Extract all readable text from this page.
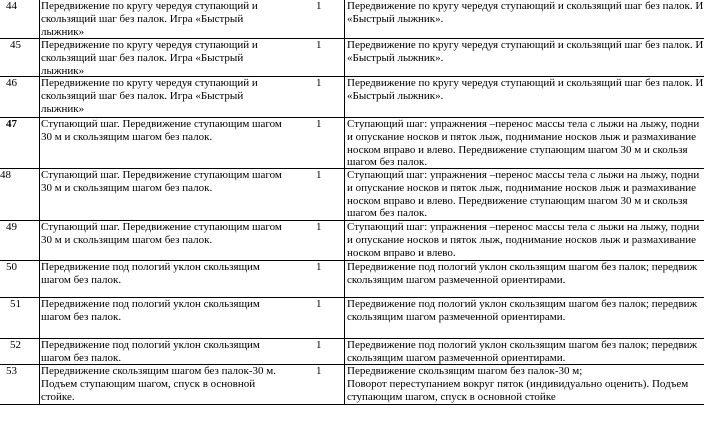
44 Передвижение по кругу чередуя ступающий и
скользящий шаг без палок. Игра «Быстрый
лыжник»
1 Передвижение по кругу чередуя ступающий и скользящий шаг без палок. И
«Быстрый лыжник».
45 Передвижение по кругу чередуя ступающий и
скользящий шаг без палок. Игра «Быстрый
лыжник»
1 Передвижение по кругу чередуя ступающий и скользящий шаг без палок. И
«Быстрый лыжник».
46 Передвижение по кругу чередуя ступающий и
скользящий шаг без палок. Игра «Быстрый
лыжник»
1 Передвижение по кругу чередуя ступающий и скользящий шаг без палок. И
«Быстрый лыжник».
47 Ступающий шаг. Передвижение ступающим шагом
30 м и скользящим шагом без палок.
1 Ступающий шаг: упражнения –перенос массы тела с лыжи на лыжу, подни
и опускание носков и пяток лыж, поднимание носков лыж и размахивание
носком вправо и влево. Передвижение ступающим шагом 30 м и скользя
шагом без палок.
48	Ступающий шаг. Передвижение ступающим шагом
30 м и скользящим шагом без палок.
1 Ступающий шаг: упражнения –перенос массы тела с лыжи на лыжу, подни
и опускание носков и пяток лыж, поднимание носков лыж и размахивание
носком вправо и влево. Передвижение ступающим шагом 30 м и скользя
шагом без палок.
49 Ступающий шаг. Передвижение ступающим шагом
30 м и скользящим шагом без палок.
1 Ступающий шаг: упражнения –перенос массы тела с лыжи на лыжу, подни
и опускание носков и пяток лыж, поднимание носков лыж и размахивание
носком вправо и влево.
50 Передвижение под пологий уклон скользящим
шагом без палок.
1 Передвижение под пологий уклон скользящим шагом без палок; передвиж
скользящим шагом размеченной ориентирами.
51 Передвижение под пологий уклон скользящим
шагом без палок.
1 Передвижение под пологий уклон скользящим шагом без палок; передвиж
скользящим шагом размеченной ориентирами.
52 Передвижение под пологий уклон скользящим
шагом без палок.
1 Передвижение под пологий уклон скользящим шагом без палок; передвиж
скользящим шагом размеченной ориентирами.
53 Передвижение скользящим шагом без палок-30 м.
Подъем ступающим шагом, спуск в основной
стойке.
1 Передвижение скользящим шагом без палок-30 м;
Поворот переступанием вокруг пяток (индивидуально оценить). Подъем
ступающим шагом, спуск в основной стойке
